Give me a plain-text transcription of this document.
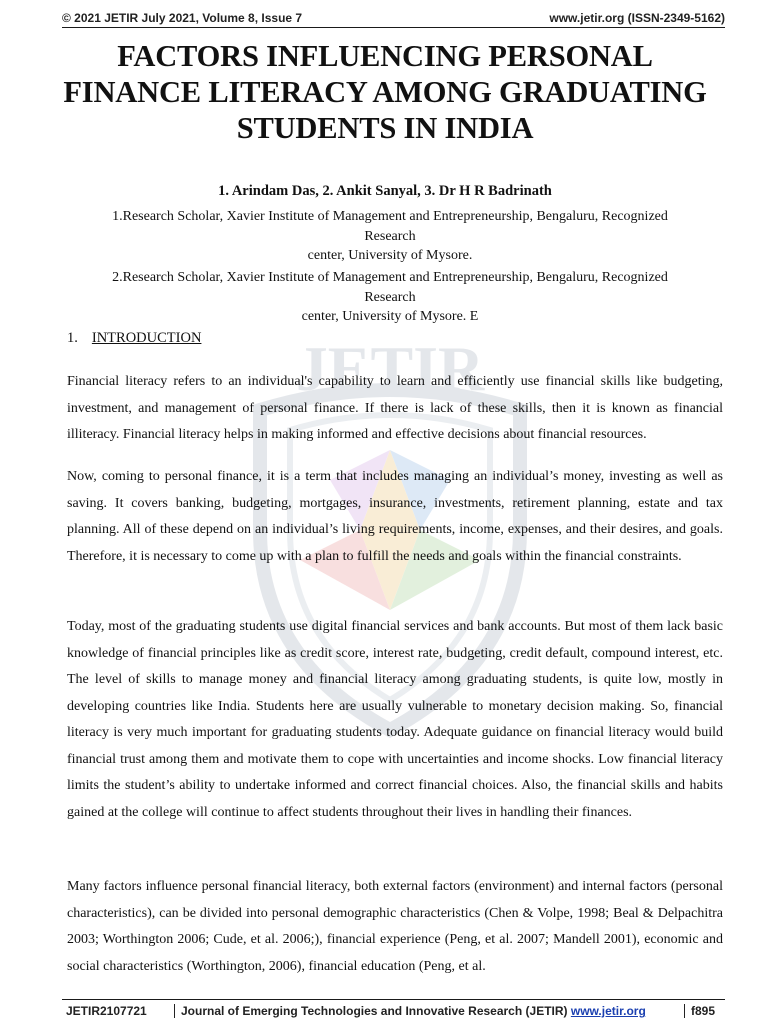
© 2021 JETIR July 2021, Volume 8, Issue 7	www.jetir.org (ISSN-2349-5162)
JETIR
FACTORS INFLUENCING PERSONAL
FINANCE LITERACY AMONG GRADUATING
STUDENTS IN INDIA
1. Arindam Das, 2. Ankit Sanyal, 3. Dr H R Badrinath
1.Research Scholar, Xavier Institute of Management and Entrepreneurship, Bengaluru, Recognized
Research
center, University of Mysore.
2.Research Scholar, Xavier Institute of Management and Entrepreneurship, Bengaluru, Recognized
Research
center, University of Mysore. E
1. INTRODUCTION

Financial literacy refers to an individual's capability to learn and efficiently use financial skills like budgeting, investment, and management of personal finance. If there is lack of these skills, then it is known as financial illiteracy. Financial literacy helps in making informed and effective decisions about financial resources.

Now, coming to personal finance, it is a term that includes managing an individual’s money, investing as well as saving. It covers banking, budgeting, mortgages, insurance, investments, retirement planning, estate and tax planning. All of these depend on an individual’s living requirements, income, expenses, and their desires, and goals. Therefore, it is necessary to come up with a plan to fulfill the needs and goals within the financial constraints.

Today, most of the graduating students use digital financial services and bank accounts. But most of them lack basic knowledge of financial principles like as credit score, interest rate, budgeting, credit default, compound interest, etc. The level of skills to manage money and financial literacy among graduating students, is quite low, mostly in developing countries like India. Students here are usually vulnerable to monetary decision making. So, financial literacy is very much important for graduating students today. Adequate guidance on financial literacy would build financial trust among them and motivate them to cope with uncertainties and income shocks. Low financial literacy limits the student’s ability to undertake informed and correct financial choices. Also, the financial skills and habits gained at the college will continue to affect students throughout their lives in handling their finances.

Many factors influence personal financial literacy, both external factors (environment) and internal factors (personal characteristics), can be divided into personal demographic characteristics (Chen & Volpe, 1998; Beal & Delpachitra 2003; Worthington 2006; Cude, et al. 2006;), financial experience (Peng, et al. 2007; Mandell 2001), economic and social characteristics (Worthington, 2006), financial education (Peng, et al.

JETIR2107721	Journal of Emerging Technologies and Innovative Research (JETIR) www.jetir.org	f895
